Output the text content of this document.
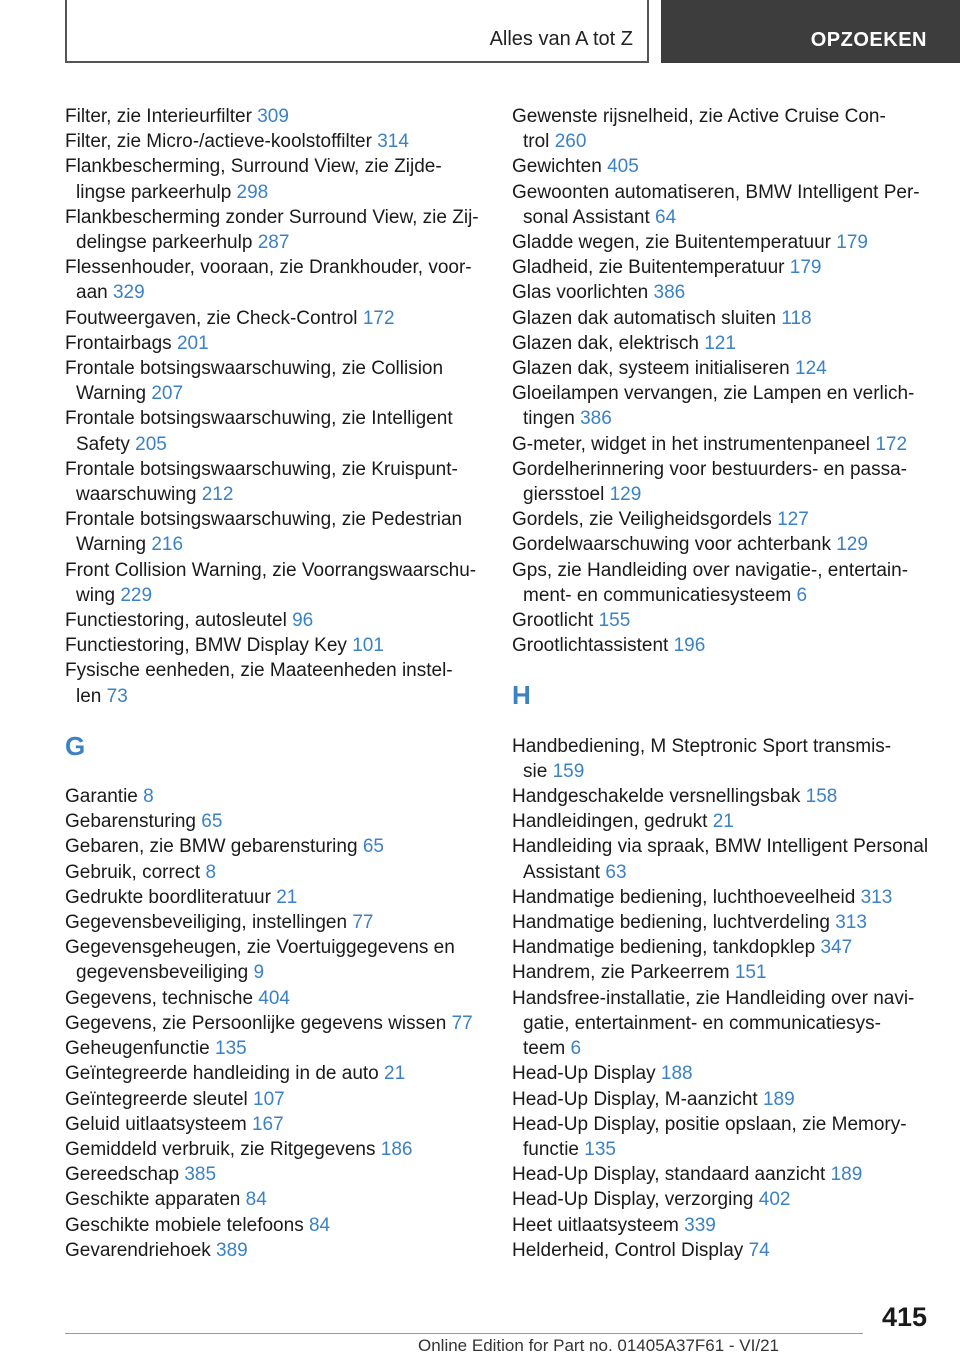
Alles van A tot Z	OPZOEKEN
Filter, zie Interieurfilter 309
Filter, zie Micro-/actieve-koolstoffilter 314
Flankbescherming, Surround View, zie Zijde-
lingse parkeerhulp 298
Flankbescherming zonder Surround View, zie Zij-
delingse parkeerhulp 287
Flessenhouder, vooraan, zie Drankhouder, voor-
aan 329
Foutweergaven, zie Check-Control 172
Frontairbags 201
Frontale botsingswaarschuwing, zie Collision
Warning 207
Frontale botsingswaarschuwing, zie Intelligent
Safety 205
Frontale botsingswaarschuwing, zie Kruispunt-
waarschuwing 212
Frontale botsingswaarschuwing, zie Pedestrian
Warning 216
Front Collision Warning, zie Voorrangswaarschu-
wing 229
Functiestoring, autosleutel 96
Functiestoring, BMW Display Key 101
Fysische eenheden, zie Maateenheden instel-
len 73
G
Garantie 8
Gebarensturing 65
Gebaren, zie BMW gebarensturing 65
Gebruik, correct 8
Gedrukte boordliteratuur 21
Gegevensbeveiliging, instellingen 77
Gegevensgeheugen, zie Voertuiggegevens en
gegevensbeveiliging 9
Gegevens, technische 404
Gegevens, zie Persoonlijke gegevens wissen 77
Geheugenfunctie 135
Geïntegreerde handleiding in de auto 21
Geïntegreerde sleutel 107
Geluid uitlaatsysteem 167
Gemiddeld verbruik, zie Ritgegevens 186
Gereedschap 385
Geschikte apparaten 84
Geschikte mobiele telefoons 84
Gevarendriehoek 389
Gewenste rijsnelheid, zie Active Cruise Con-
trol 260
Gewichten 405
Gewoonten automatiseren, BMW Intelligent Per-
sonal Assistant 64
Gladde wegen, zie Buitentemperatuur 179
Gladheid, zie Buitentemperatuur 179
Glas voorlichten 386
Glazen dak automatisch sluiten 118
Glazen dak, elektrisch 121
Glazen dak, systeem initialiseren 124
Gloeilampen vervangen, zie Lampen en verlich-
tingen 386
G-meter, widget in het instrumentenpaneel 172
Gordelherinnering voor bestuurders- en passa-
giersstoel 129
Gordels, zie Veiligheidsgordels 127
Gordelwaarschuwing voor achterbank 129
Gps, zie Handleiding over navigatie-, entertain-
ment- en communicatiesysteem 6
Grootlicht 155
Grootlichtassistent 196
H
Handbediening, M Steptronic Sport transmis-
sie 159
Handgeschakelde versnellingsbak 158
Handleidingen, gedrukt 21
Handleiding via spraak, BMW Intelligent Personal
Assistant 63
Handmatige bediening, luchthoeveelheid 313
Handmatige bediening, luchtverdeling 313
Handmatige bediening, tankdopklep 347
Handrem, zie Parkeerrem 151
Handsfree-installatie, zie Handleiding over navi-
gatie, entertainment- en communicatiesys-
teem 6
Head-Up Display 188
Head-Up Display, M-aanzicht 189
Head-Up Display, positie opslaan, zie Memory-
functie 135
Head-Up Display, standaard aanzicht 189
Head-Up Display, verzorging 402
Heet uitlaatsysteem 339
Helderheid, Control Display 74
415
Online Edition for Part no. 01405A37F61 - VI/21
